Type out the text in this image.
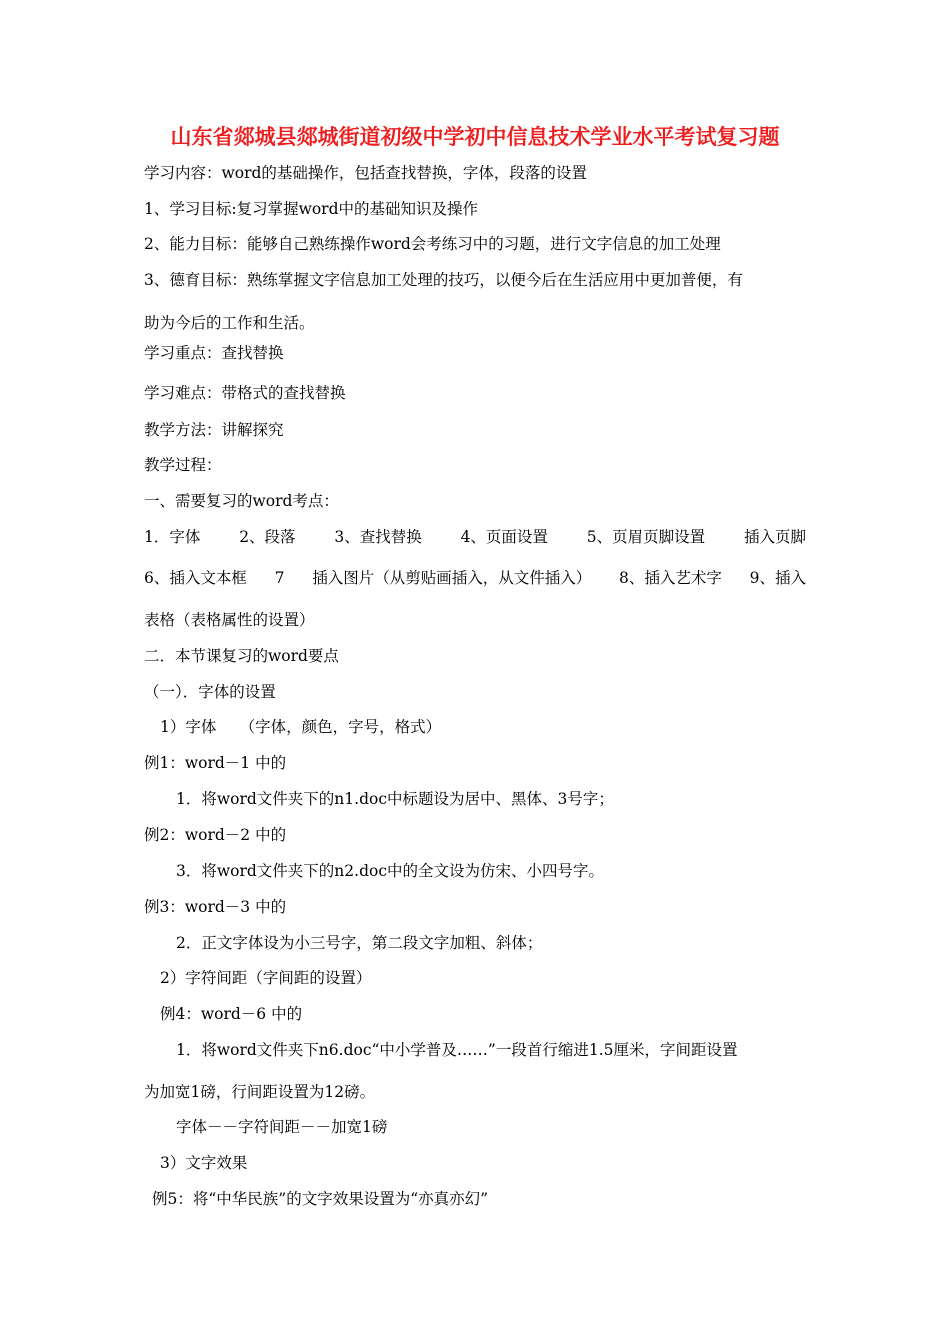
山东省郯城县郯城街道初级中学初中信息技术学业水平考试复习题
学习内容：word的基础操作，包括查找替换，字体，段落的设置
1、学习目标:复习掌握word中的基础知识及操作
2、能力目标：能够自己熟练操作word会考练习中的习题，进行文字信息的加工处理
3、德育目标：熟练掌握文字信息加工处理的技巧，以便今后在生活应用中更加普便，有
助为今后的工作和生活。
学习重点：查找替换
学习难点：带格式的查找替换
教学方法：讲解探究
教学过程：
一、需要复习的word考点：
1．字体	2、段落	3、查找替换	4、页面设置	5、页眉页脚设置	插入页脚
6、插入文本框 7 插入图片（从剪贴画插入，从文件插入） 8、插入艺术字 9、插入
表格（表格属性的设置）
二．本节课复习的word要点
（一）．字体的设置
1）字体　　（字体，颜色，字号，格式）
例1：word－1 中的
1．将word文件夹下的n1.doc中标题设为居中、黑体、3号字；
例2：word－2 中的
3．将word文件夹下的n2.doc中的全文设为仿宋、小四号字。
例3：word－3 中的
2．正文字体设为小三号字，第二段文字加粗、斜体；
2）字符间距（字间距的设置）
例4：word－6 中的
1．将word文件夹下n6.doc“中小学普及……”一段首行缩进1.5厘米，字间距设置
为加宽1磅，行间距设置为12磅。
字体－－字符间距－－加宽1磅
3）文字效果
例5：将“中华民族”的文字效果设置为“亦真亦幻”
